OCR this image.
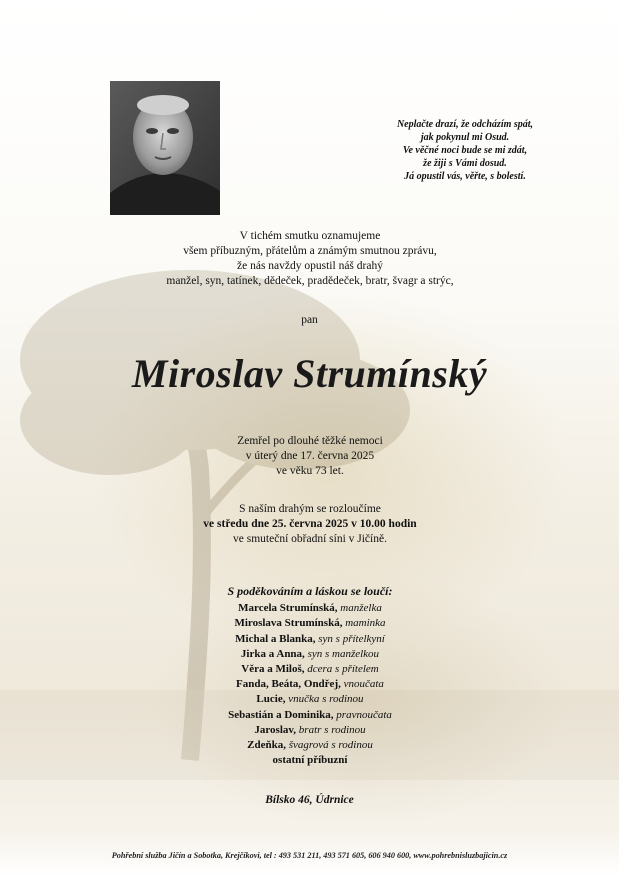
Neplačte drazí, že odcházím spát,
jak pokynul mi Osud.
Ve věčné noci bude se mi zdát,
že žiji s Vámi dosud.
Já opustil vás, věřte, s bolestí.
V tichém smutku oznamujeme
všem příbuzným, přátelům a známým smutnou zprávu,
že nás navždy opustil náš drahý
manžel, syn, tatínek, dědeček, pradědeček, bratr, švagr a strýc,
pan
Miroslav Strumínský
Zemřel po dlouhé těžké nemoci
v úterý dne 17. června 2025
ve věku 73 let.
S naším drahým se rozloučíme
ve středu dne 25. června 2025 v 10.00 hodin
ve smuteční obřadní síni v Jičíně.
S poděkováním a láskou se loučí:
Marcela Strumínská, manželka
Miroslava Strumínská, maminka
Michal a Blanka, syn s přítelkyní
Jirka a Anna, syn s manželkou
Věra a Miloš, dcera s přítelem
Fanda, Beáta, Ondřej, vnoučata
Lucie, vnučka s rodinou
Sebastián a Dominika, pravnoučata
Jaroslav, bratr s rodinou
Zdeňka, švagrová s rodinou
ostatní příbuzní
Bílsko 46, Údrnice
Pohřební služba Jičín a Sobotka, Krejčíkovi, tel : 493 531 211, 493 571 605, 606 940 600, www.pohrebnisluzbajicin.cz
